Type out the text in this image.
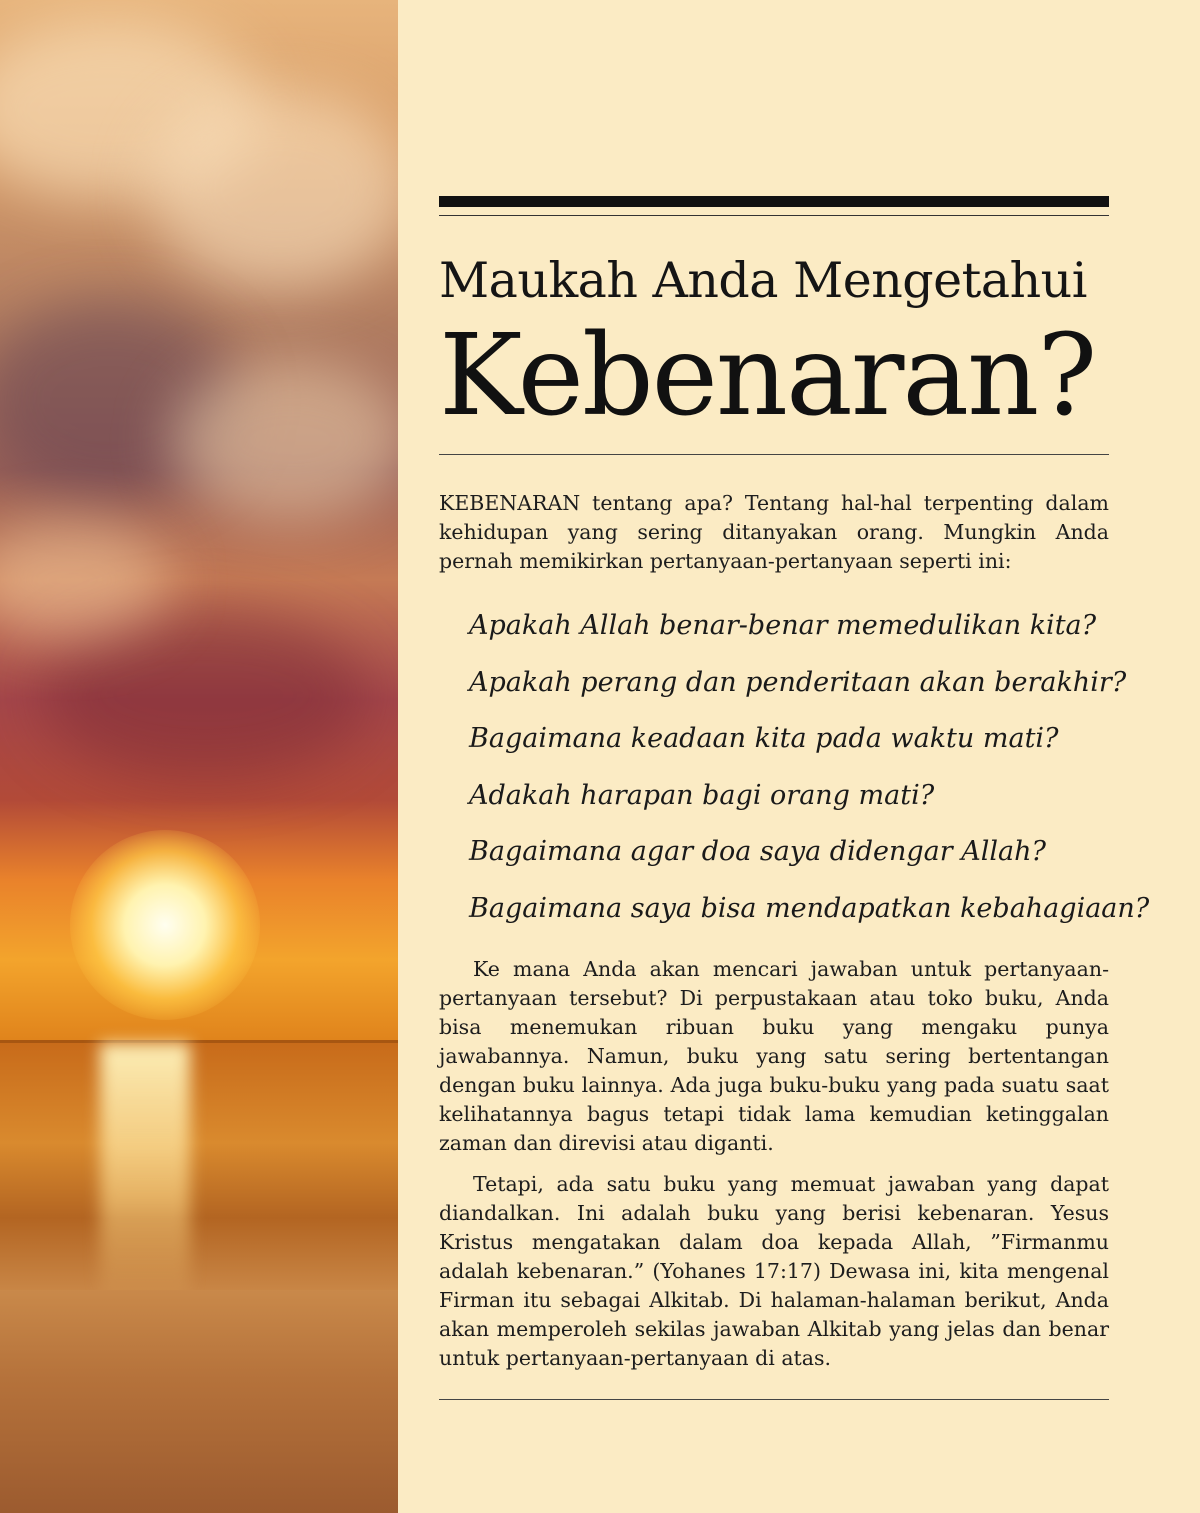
Maukah Anda Mengetahui
Kebenaran?

KEBENARAN tentang apa? Tentang hal-hal terpenting dalam kehidupan yang sering ditanyakan orang. Mungkin Anda pernah memikirkan pertanyaan-pertanyaan seperti ini:

Apakah Allah benar-benar memedulikan kita?
Apakah perang dan penderitaan akan berakhir?
Bagaimana keadaan kita pada waktu mati?
Adakah harapan bagi orang mati?
Bagaimana agar doa saya didengar Allah?
Bagaimana saya bisa mendapatkan kebahagiaan?

Ke mana Anda akan mencari jawaban untuk pertanyaan-pertanyaan tersebut? Di perpustakaan atau toko buku, Anda bisa menemukan ribuan buku yang mengaku punya jawabannya. Namun, buku yang satu sering bertentangan dengan buku lainnya. Ada juga buku-buku yang pada suatu saat kelihatannya bagus tetapi tidak lama kemudian ketinggalan zaman dan direvisi atau diganti.

Tetapi, ada satu buku yang memuat jawaban yang dapat diandalkan. Ini adalah buku yang berisi kebenaran. Yesus Kristus mengatakan dalam doa kepada Allah, ”Firmanmu adalah kebenaran.” (Yohanes 17:17) Dewasa ini, kita mengenal Firman itu sebagai Alkitab. Di halaman-halaman berikut, Anda akan memperoleh sekilas jawaban Alkitab yang jelas dan benar untuk pertanyaan-pertanyaan di atas.
